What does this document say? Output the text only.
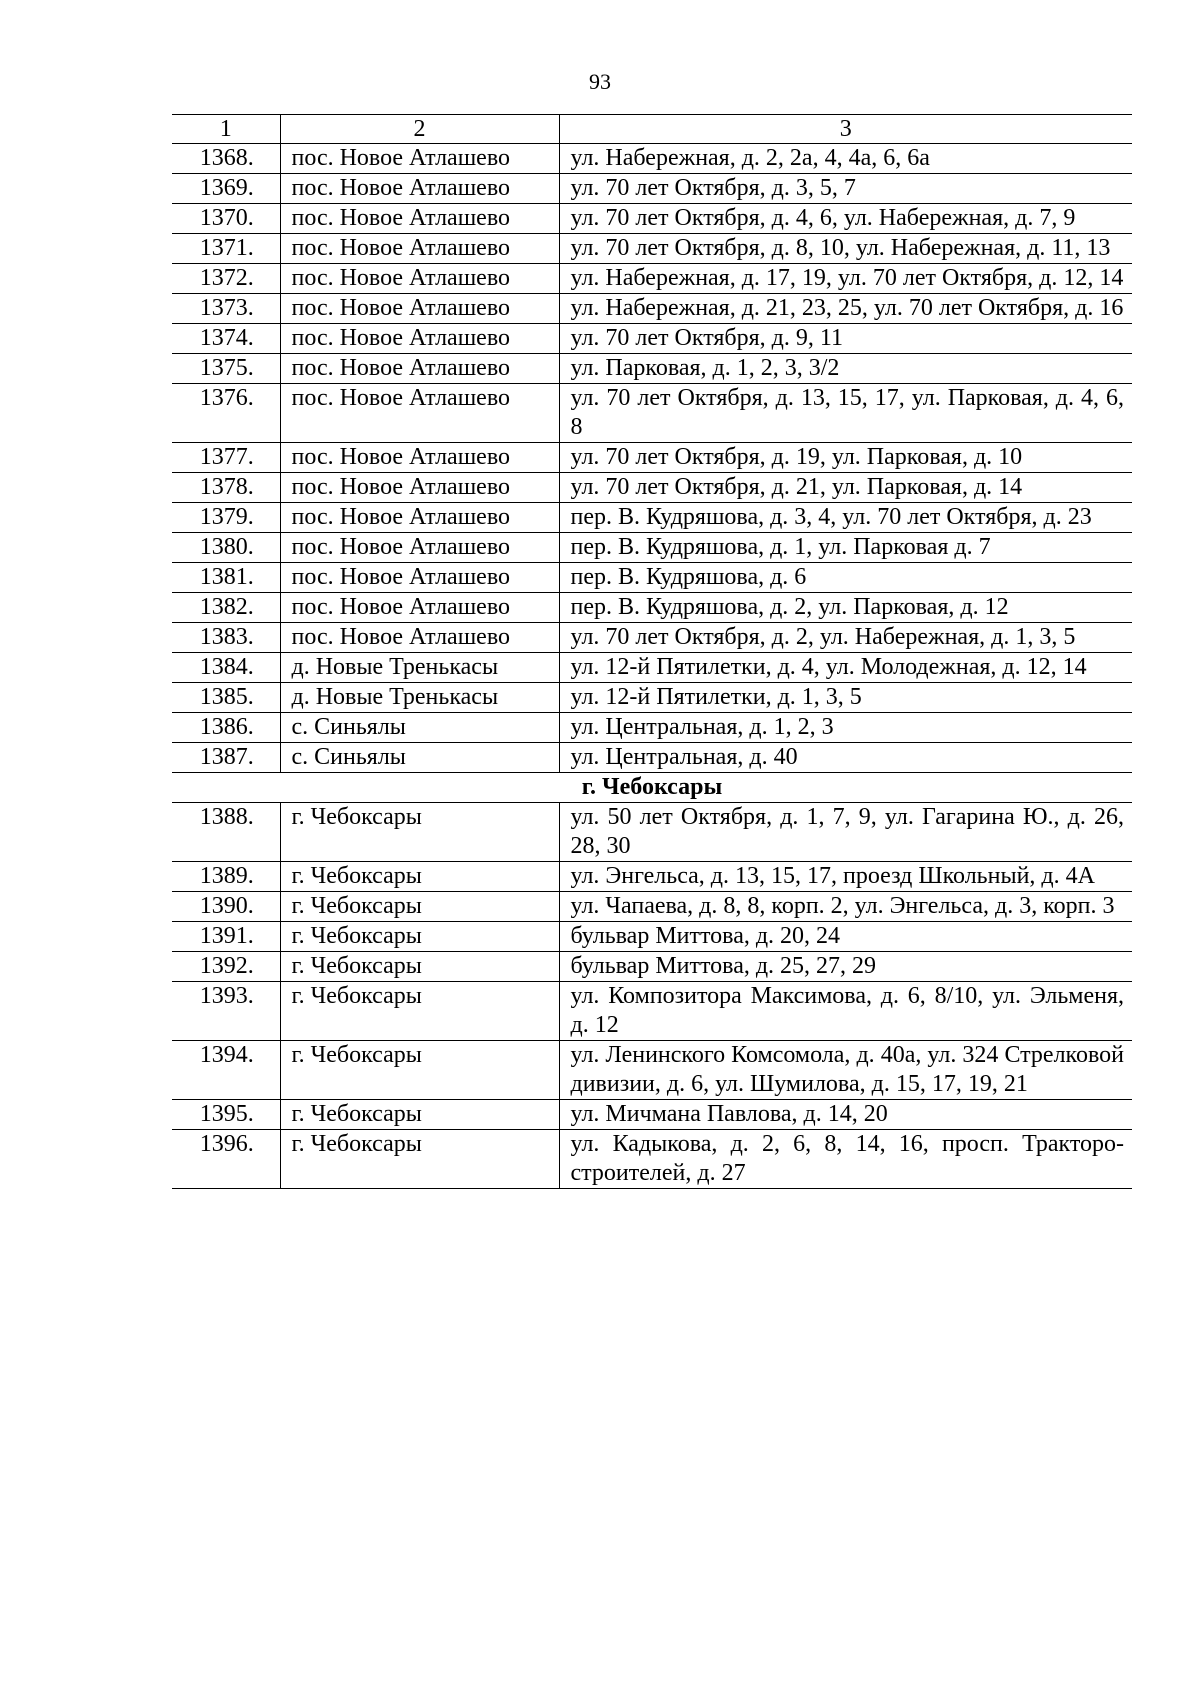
93
1	2	3
1368.	пос. Новое Атлашево	ул. Набережная, д. 2, 2а, 4, 4а, 6, 6а
1369.	пос. Новое Атлашево	ул. 70 лет Октября, д. 3, 5, 7
1370.	пос. Новое Атлашево	ул. 70 лет Октября, д. 4, 6, ул. Набережная, д. 7, 9
1371.	пос. Новое Атлашево	ул. 70 лет Октября, д. 8, 10, ул. Набережная, д. 11, 13
1372.	пос. Новое Атлашево	ул. Набережная, д. 17, 19, ул. 70 лет Октября, д. 12, 14
1373.	пос. Новое Атлашево	ул. Набережная, д. 21, 23, 25, ул. 70 лет Октября, д. 16
1374.	пос. Новое Атлашево	ул. 70 лет Октября, д. 9, 11
1375.	пос. Новое Атлашево	ул. Парковая, д. 1, 2, 3, 3/2
1376.	пос. Новое Атлашево	ул. 70 лет Октября, д. 13, 15, 17, ул. Парковая, д. 4, 6, 8
1377.	пос. Новое Атлашево	ул. 70 лет Октября, д. 19, ул. Парковая, д. 10
1378.	пос. Новое Атлашево	ул. 70 лет Октября, д. 21, ул. Парковая, д. 14
1379.	пос. Новое Атлашево	пер. В. Кудряшова, д. 3, 4, ул. 70 лет Октября, д. 23
1380.	пос. Новое Атлашево	пер. В. Кудряшова, д. 1, ул. Парковая д. 7
1381.	пос. Новое Атлашево	пер. В. Кудряшова, д. 6
1382.	пос. Новое Атлашево	пер. В. Кудряшова, д. 2, ул. Парковая, д. 12
1383.	пос. Новое Атлашево	ул. 70 лет Октября, д. 2, ул. Набережная, д. 1, 3, 5
1384.	д. Новые Тренькасы	ул. 12-й Пятилетки, д. 4, ул. Молодежная, д. 12, 14
1385.	д. Новые Тренькасы	ул. 12-й Пятилетки, д. 1, 3, 5
1386.	с. Синьялы	ул. Центральная, д. 1, 2, 3
1387.	с. Синьялы	ул. Центральная, д. 40
г. Чебоксары		
1388.	г. Чебоксары	ул. 50 лет Октября, д. 1, 7, 9, ул. Гагарина Ю., д. 26, 28, 30
1389.	г. Чебоксары	ул. Энгельса, д. 13, 15, 17, проезд Школьный, д. 4А
1390.	г. Чебоксары	ул. Чапаева, д. 8, 8, корп. 2, ул. Энгельса, д. 3, корп. 3
1391.	г. Чебоксары	бульвар Миттова, д. 20, 24
1392.	г. Чебоксары	бульвар Миттова, д. 25, 27, 29
1393.	г. Чебоксары	ул. Композитора Максимова, д. 6, 8/10, ул. Эльменя, д. 12
1394.	г. Чебоксары	ул. Ленинского Комсомола, д. 40а, ул. 324 Стрелковой дивизии, д. 6, ул. Шумилова, д. 15, 17, 19, 21
1395.	г. Чебоксары	ул. Мичмана Павлова, д. 14, 20
1396.	г. Чебоксары	ул. Кадыкова, д. 2, 6, 8, 14, 16, просп. Тракторостроителей, д. 27
